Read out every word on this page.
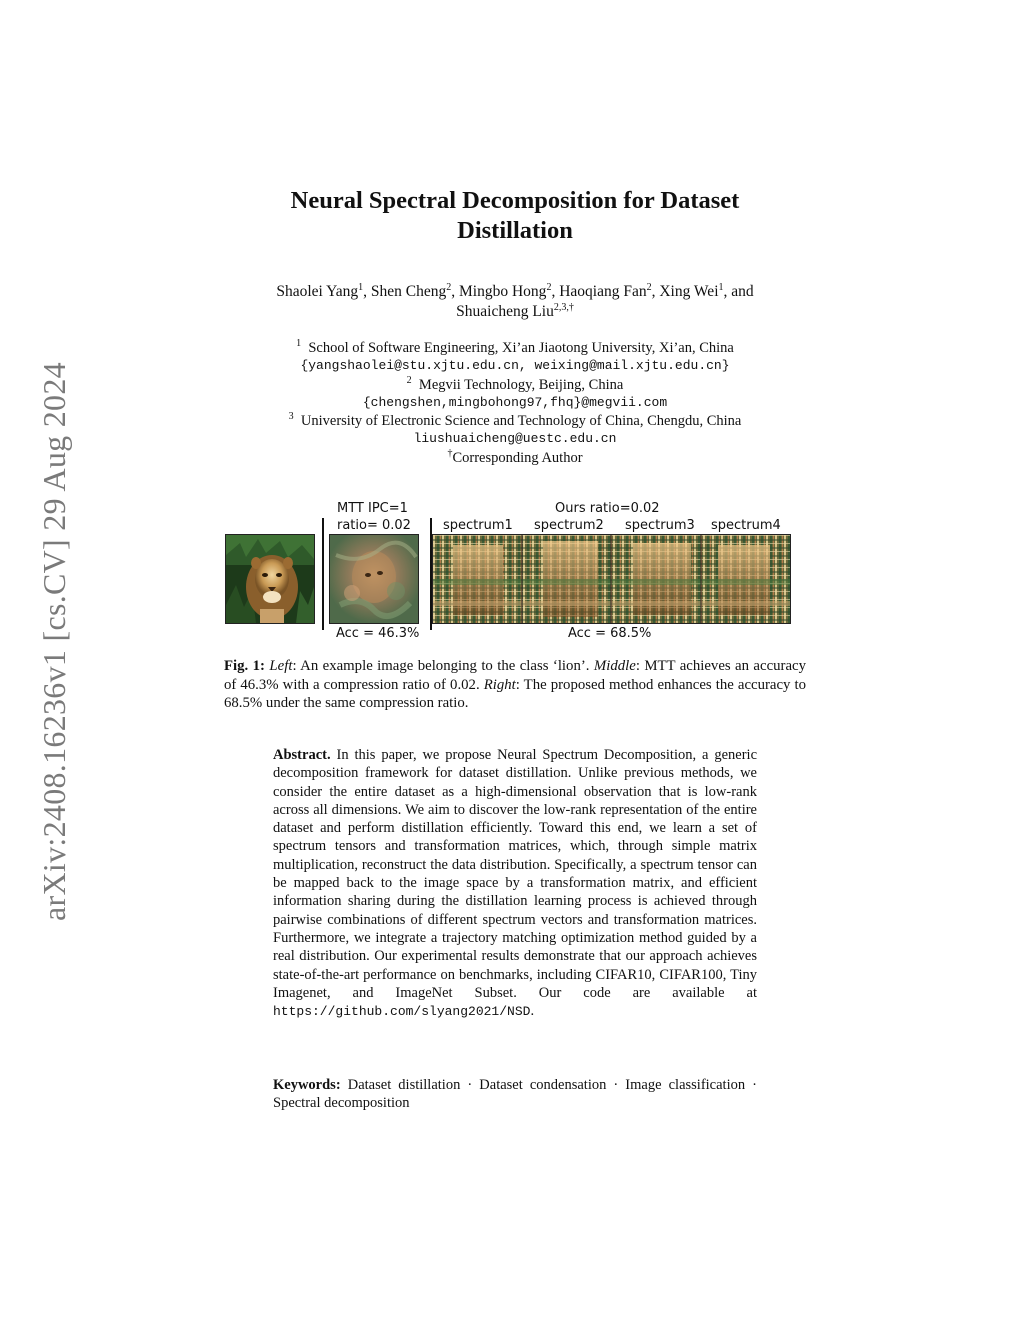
arXiv:2408.16236v1 [cs.CV] 29 Aug 2024
Neural Spectral Decomposition for Dataset
Distillation
Shaolei Yang$^1$, Shen Cheng$^2$, Mingbo Hong$^2$, Haoqiang Fan$^2$, Xing Wei$^1$, and
Shuaicheng Liu$^{2,3,\dagger}$
$^1$ School of Software Engineering, Xi’an Jiaotong University, Xi’an, China
{yangshaolei@stu.xjtu.edu.cn, weixing@mail.xjtu.edu.cn}
$^2$ Megvii Technology, Beijing, China
{chengshen,mingbohong97,fhq}@megvii.com
$^3$ University of Electronic Science and Technology of China, Chengdu, China
liushuaicheng@uestc.edu.cn
†Corresponding Author
MTT IPC=1
ratio= 0.02
Ours ratio=0.02
spectrum1 spectrum2 spectrum3 spectrum4
Acc = 46.3%	Acc = 68.5%
Fig. 1: Left: An example image belonging to the class ‘lion’. Middle: MTT achieves an accuracy of 46.3% with a compression ratio of 0.02. Right: The proposed method enhances the accuracy to 68.5% under the same compression ratio.
Abstract. In this paper, we propose Neural Spectrum Decomposition, a generic decomposition framework for dataset distillation. Unlike previous methods, we consider the entire dataset as a high-dimensional observation that is low-rank across all dimensions. We aim to discover the low-rank representation of the entire dataset and perform distillation efficiently. Toward this end, we learn a set of spectrum tensors and transformation matrices, which, through simple matrix multiplication, reconstruct the data distribution. Specifically, a spectrum tensor can be mapped back to the image space by a transformation matrix, and efficient information sharing during the distillation learning process is achieved through pairwise combinations of different spectrum vectors and transformation matrices. Furthermore, we integrate a trajectory matching optimization method guided by a real distribution. Our experimental results demonstrate that our approach achieves state-of-the-art performance on benchmarks, including CIFAR10, CIFAR100, Tiny Imagenet, and ImageNet Subset. Our code are available at https://github.com/slyang2021/NSD.
Keywords: Dataset distillation · Dataset condensation · Image classification · Spectral decomposition
